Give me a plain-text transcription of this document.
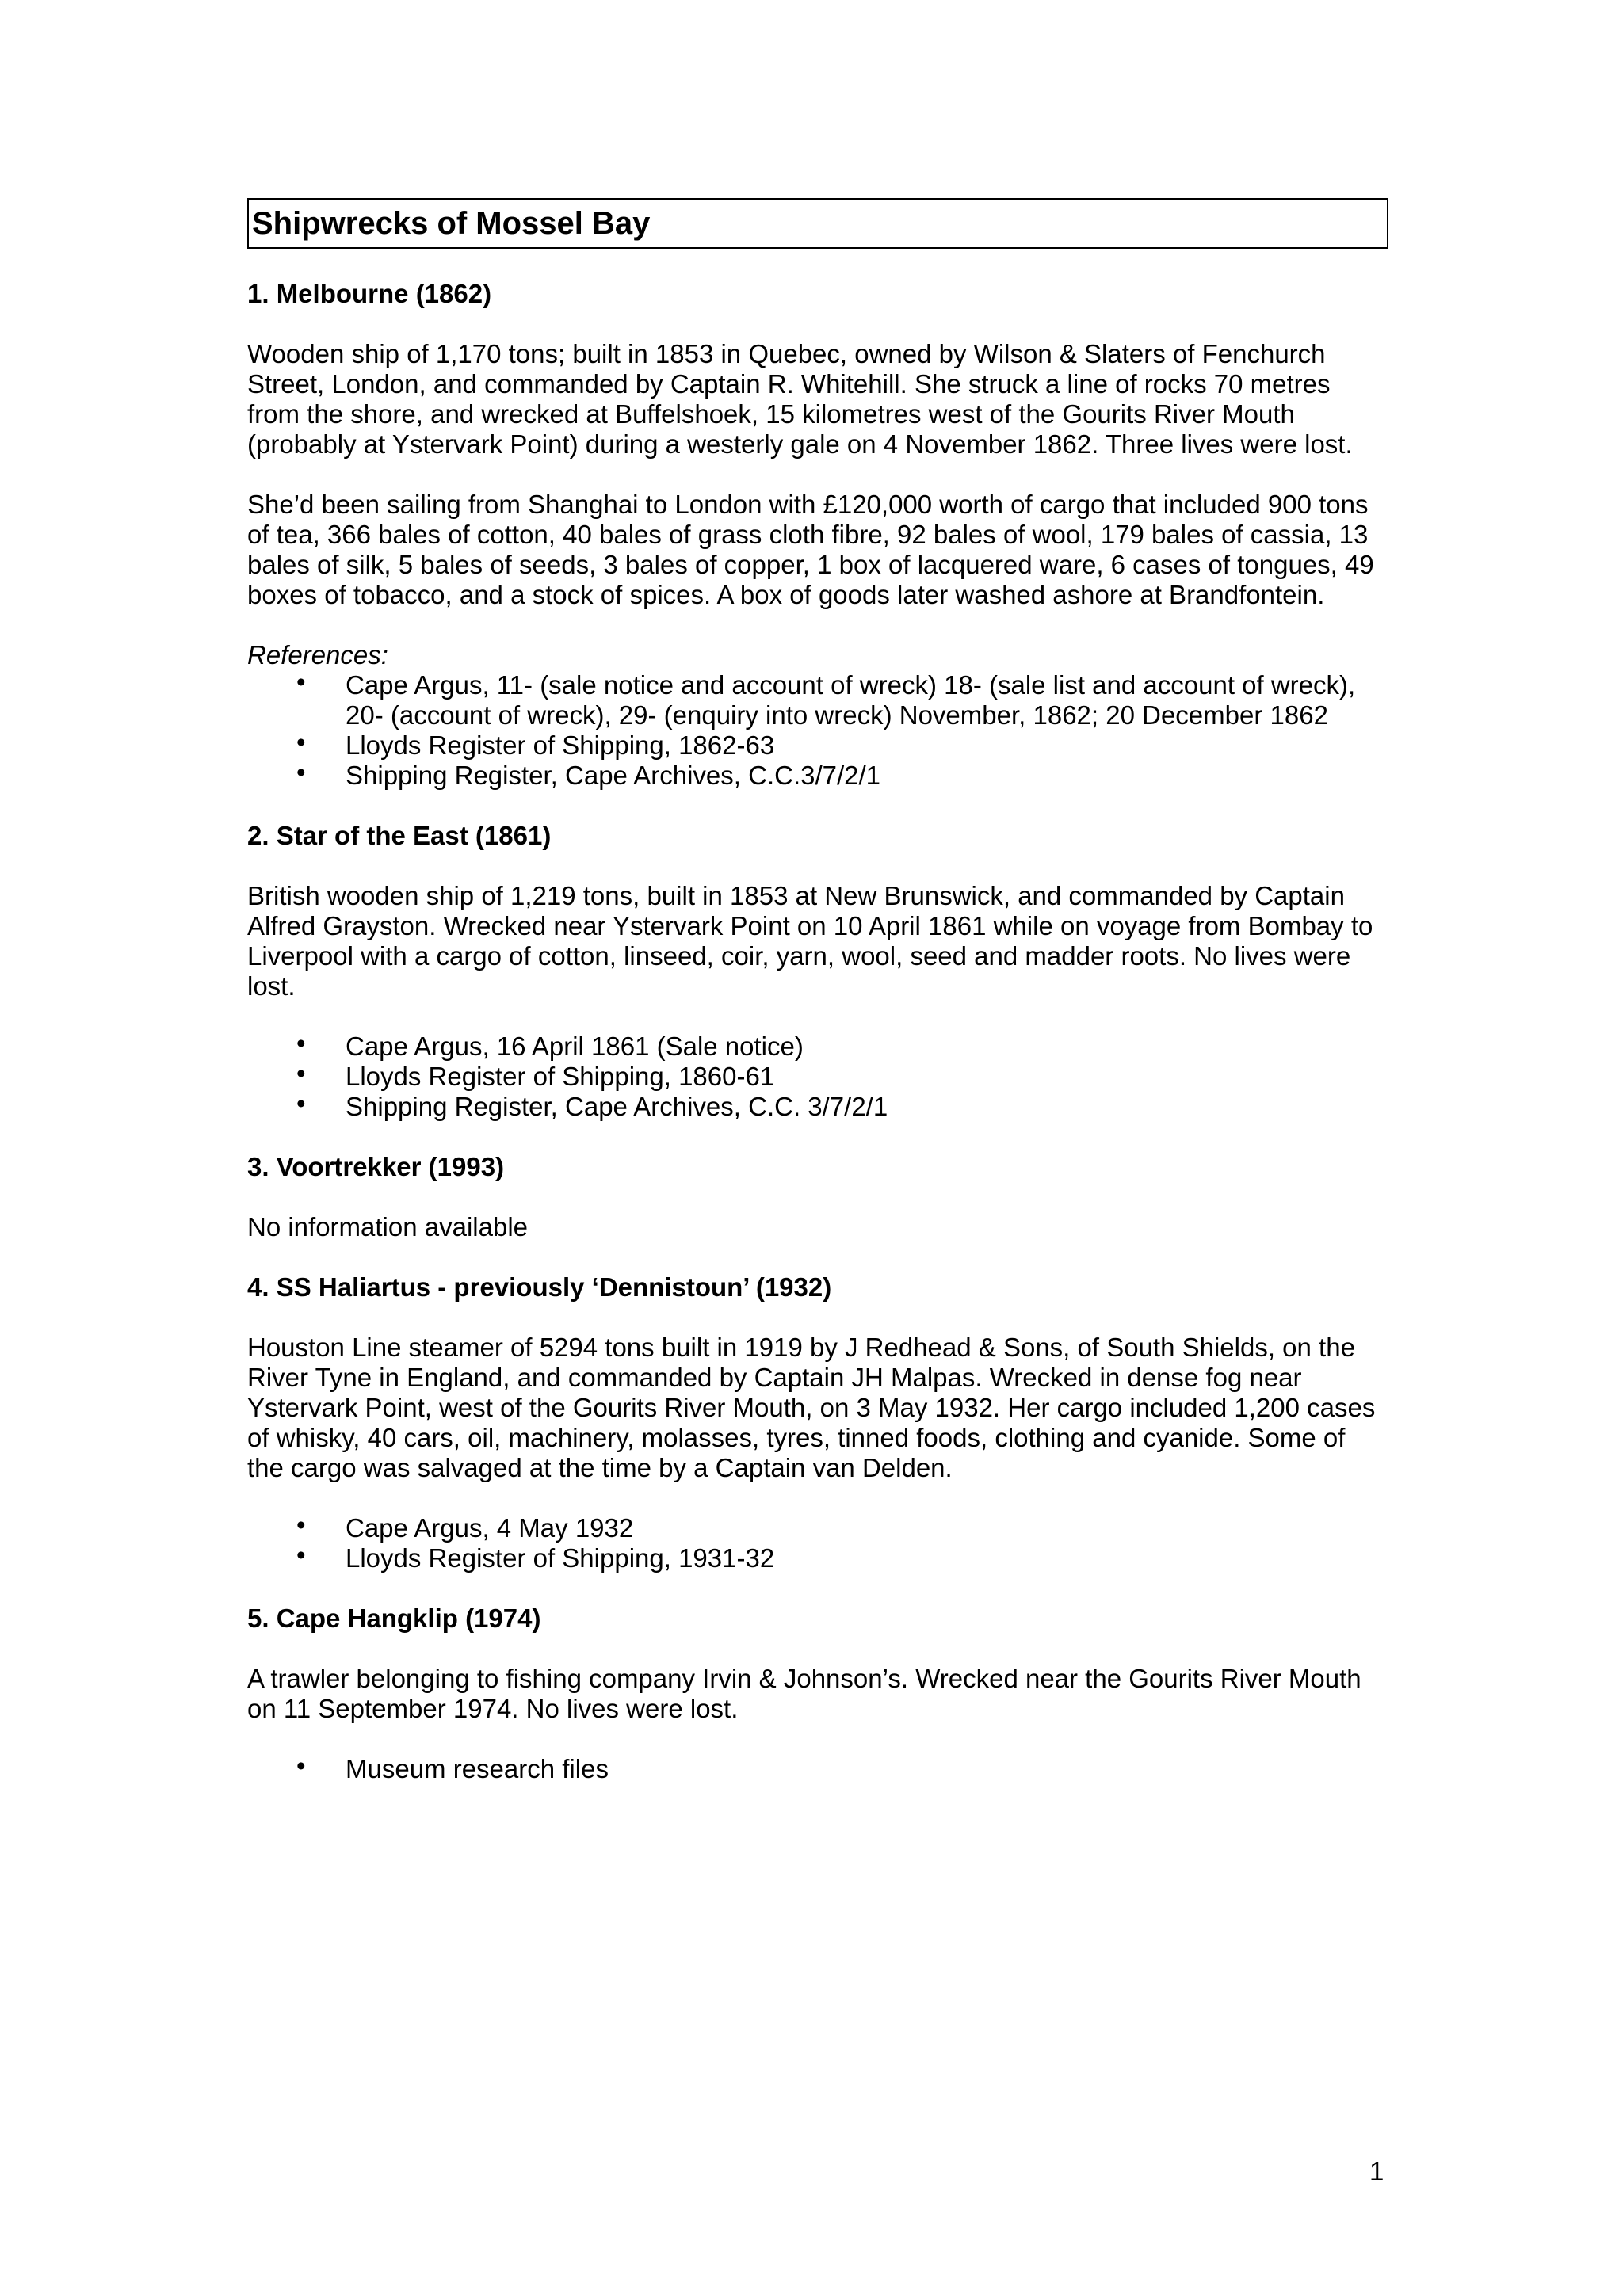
Shipwrecks of Mossel Bay
1. Melbourne (1862)

Wooden ship of 1,170 tons; built in 1853 in Quebec, owned by Wilson & Slaters of Fenchurch Street, London, and commanded by Captain R. Whitehill. She struck a line of rocks 70 metres from the shore, and wrecked at Buffelshoek, 15 kilometres west of the Gourits River Mouth (probably at Ystervark Point) during a westerly gale on 4 November 1862. Three lives were lost.

She’d been sailing from Shanghai to London with £120,000 worth of cargo that included 900 tons of tea, 366 bales of cotton, 40 bales of grass cloth fibre, 92 bales of wool, 179 bales of cassia, 13 bales of silk, 5 bales of seeds, 3 bales of copper, 1 box of lacquered ware, 6 cases of tongues, 49 boxes of tobacco, and a stock of spices. A box of goods later washed ashore at Brandfontein.

References:
• Cape Argus, 11- (sale notice and account of wreck) 18- (sale list and account of wreck), 20- (account of wreck), 29- (enquiry into wreck) November, 1862; 20 December 1862
• Lloyds Register of Shipping, 1862-63
• Shipping Register, Cape Archives, C.C.3/7/2/1
2. Star of the East (1861)

British wooden ship of 1,219 tons, built in 1853 at New Brunswick, and commanded by Captain Alfred Grayston. Wrecked near Ystervark Point on 10 April 1861 while on voyage from Bombay to Liverpool with a cargo of cotton, linseed, coir, yarn, wool, seed and madder roots. No lives were lost.

• Cape Argus, 16 April 1861 (Sale notice)
• Lloyds Register of Shipping, 1860-61
• Shipping Register, Cape Archives, C.C. 3/7/2/1
3. Voortrekker (1993)

No information available

4. SS Haliartus - previously ‘Dennistoun’ (1932)

Houston Line steamer of 5294 tons built in 1919 by J Redhead & Sons, of South Shields, on the River Tyne in England, and commanded by Captain JH Malpas. Wrecked in dense fog near Ystervark Point, west of the Gourits River Mouth, on 3 May 1932. Her cargo included 1,200 cases of whisky, 40 cars, oil, machinery, molasses, tyres, tinned foods, clothing and cyanide. Some of the cargo was salvaged at the time by a Captain van Delden.

• Cape Argus, 4 May 1932
• Lloyds Register of Shipping, 1931-32
5. Cape Hangklip (1974)

A trawler belonging to fishing company Irvin & Johnson’s. Wrecked near the Gourits River Mouth on 11 September 1974. No lives were lost.

• Museum research files
1
